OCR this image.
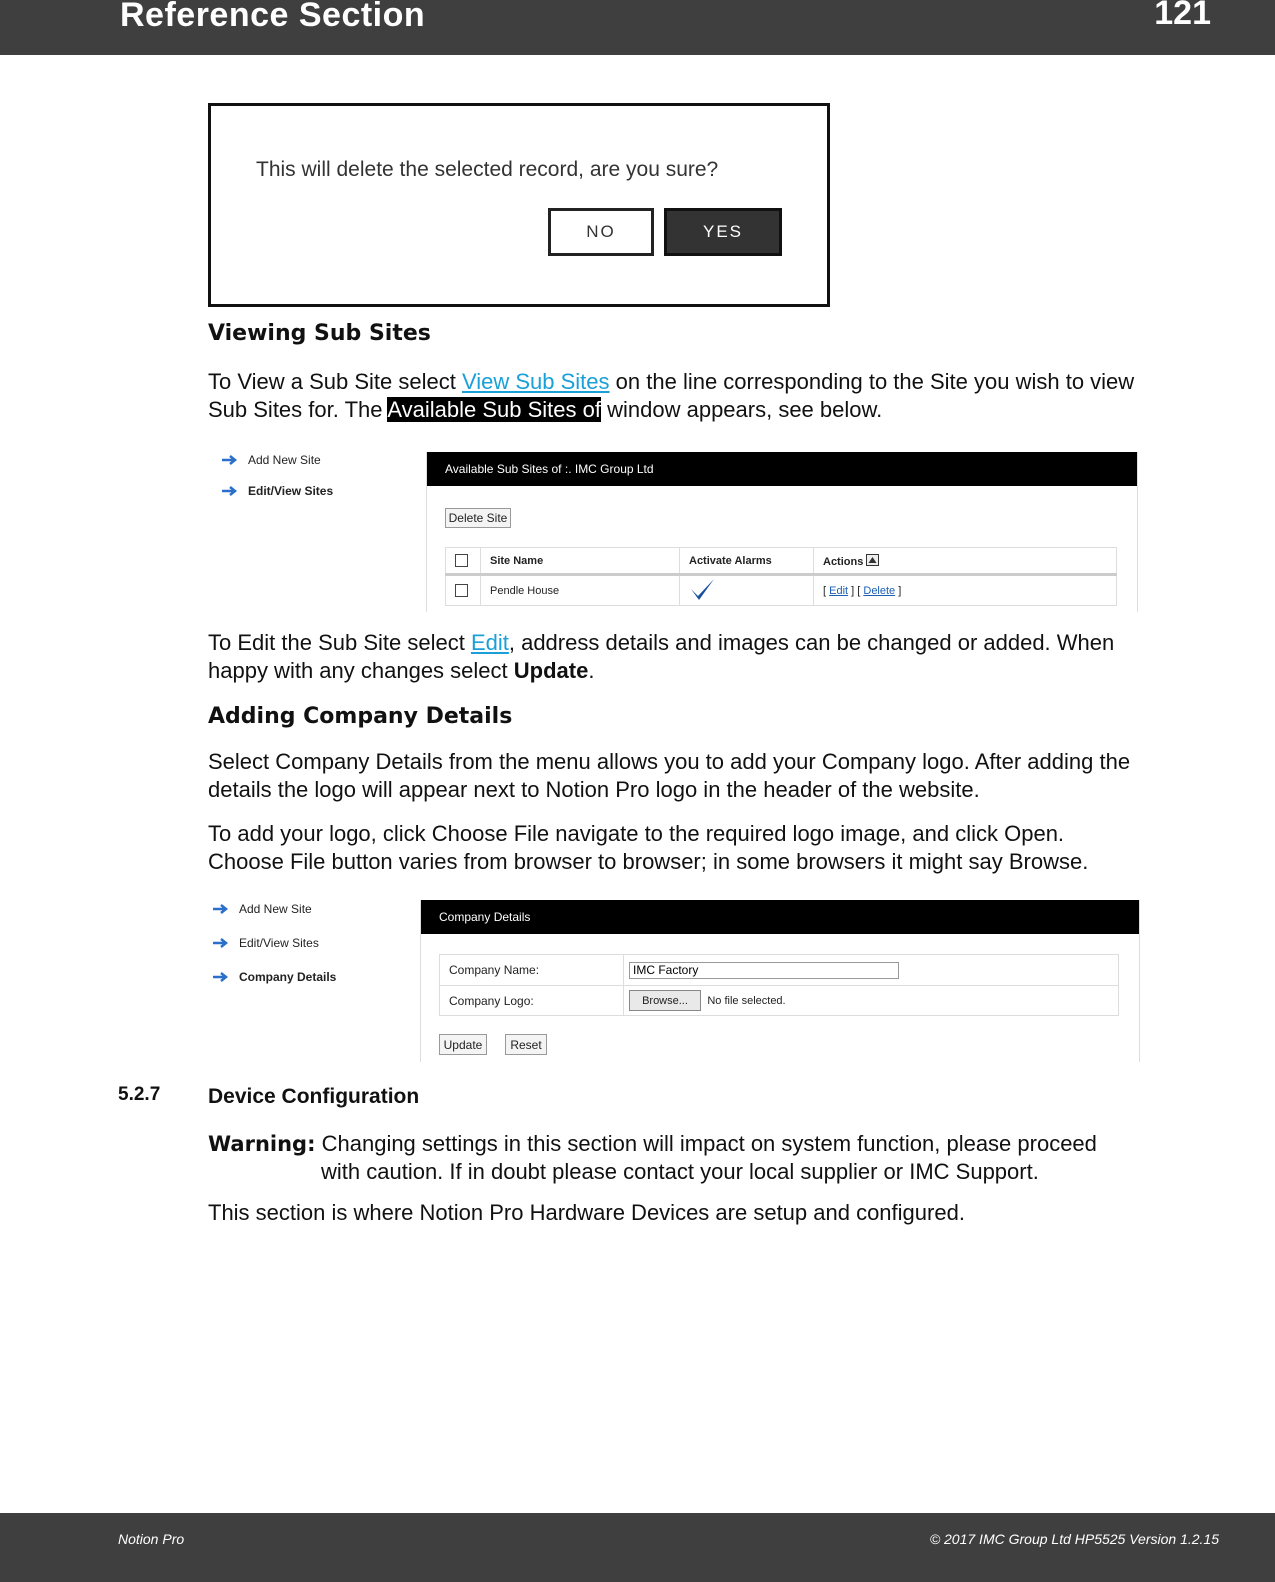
Reference Section	121
This will delete the selected record, are you sure?
NO	YES
Viewing Sub Sites
To View a Sub Site select View Sub Sites on the line corresponding to the Site you wish to view Sub Sites for. The Available Sub Sites of window appears, see below.
Add New Site
Edit/View Sites
Available Sub Sites of :. IMC Group Ltd
Delete Site
	Site Name	Activate Alarms	Actions
	Pendle House		[ Edit ] [ Delete ]
To Edit the Sub Site select Edit, address details and images can be changed or added. When happy with any changes select Update.
Adding Company Details
Select Company Details from the menu allows you to add your Company logo. After adding the details the logo will appear next to Notion Pro logo in the header of the website.
To add your logo, click Choose File navigate to the required logo image, and click Open. Choose File button varies from browser to browser; in some browsers it might say Browse.
Add New Site
Edit/View Sites
Company Details
Company Details
Company Name:	IMC Factory
Company Logo:	Browse... No file selected.
Update	Reset
5.2.7 Device Configuration
Warning: Changing settings in this section will impact on system function, please proceed
with caution. If in doubt please contact your local supplier or IMC Support.
This section is where Notion Pro Hardware Devices are setup and configured.
Notion Pro	© 2017 IMC Group Ltd HP5525 Version 1.2.15
